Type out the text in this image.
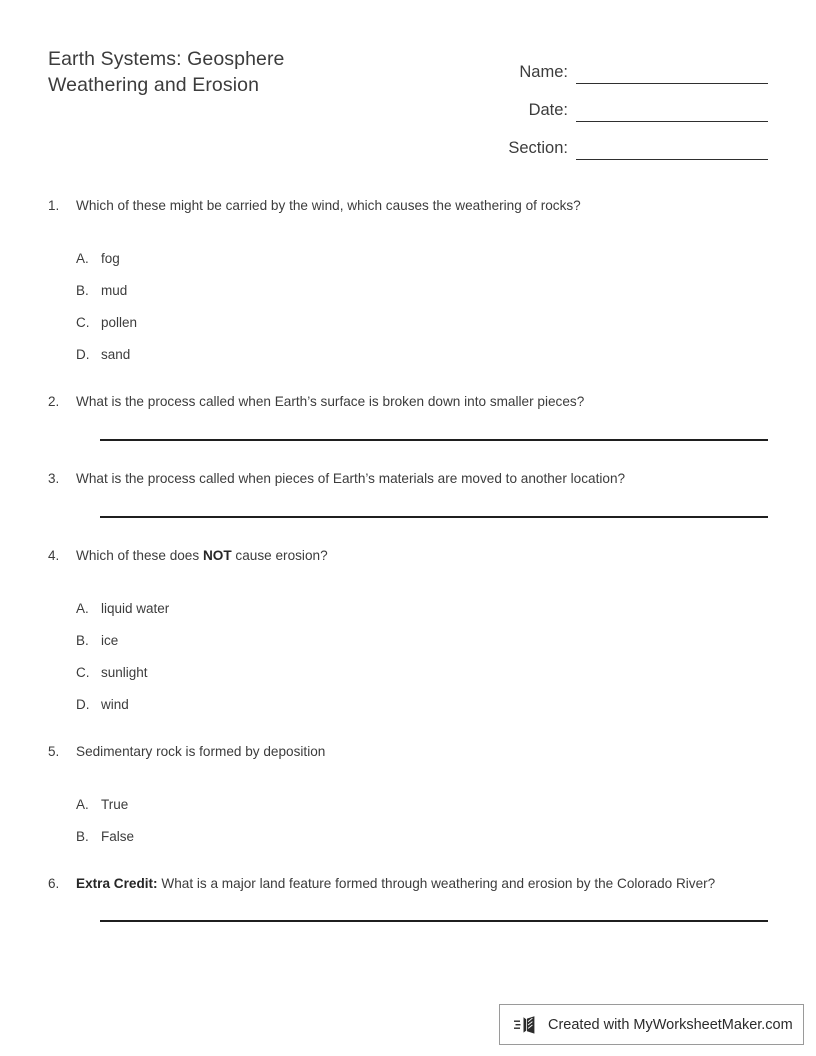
Earth Systems: Geosphere
Weathering and Erosion
Name:
Date:
Section:
1.	Which of these might be carried by the wind, which causes the weathering of rocks?

A. fog
B. mud
C. pollen
D. sand
2.	What is the process called when Earth’s surface is broken down into smaller pieces?

3.	What is the process called when pieces of Earth’s materials are moved to another location?

4.	Which of these does NOT cause erosion?

A. liquid water
B. ice
C. sunlight
D. wind
5.	Sedimentary rock is formed by deposition

A. True
B. False
6.	Extra Credit: What is a major land feature formed through weathering and erosion by the Colorado River?

Created with MyWorksheetMaker.com
